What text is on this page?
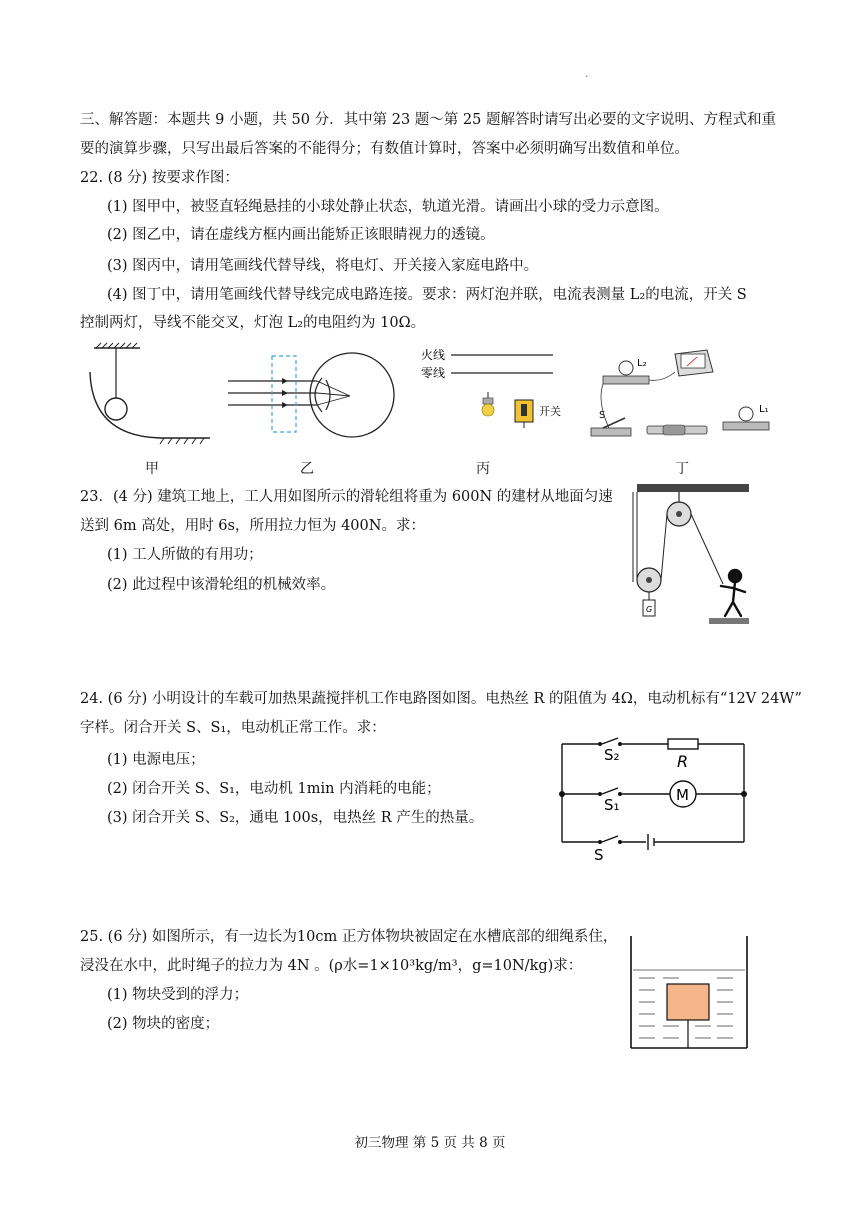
·
三、解答题：本题共 9 小题，共 50 分．其中第 23 题～第 25 题解答时请写出必要的文字说明、方程式和重
要的演算步骤，只写出最后答案的不能得分；有数值计算时，答案中必须明确写出数值和单位。
22. (8 分) 按要求作图：
(1) 图甲中，被竖直轻绳悬挂的小球处静止状态，轨道光滑。请画出小球的受力示意图。
(2) 图乙中，请在虚线方框内画出能矫正该眼睛视力的透镜。
(3) 图丙中，请用笔画线代替导线，将电灯、开关接入家庭电路中。
(4) 图丁中，请用笔画线代替导线完成电路连接。要求：两灯泡并联，电流表测量 L₂的电流，开关 S
控制两灯，导线不能交叉，灯泡 L₂的电阻约为 10Ω。
火线
零线
开关
L₂
L₁
S
甲	乙	丙	丁
23．(4 分) 建筑工地上，工人用如图所示的滑轮组将重为 600N 的建材从地面匀速
送到 6m 高处，用时 6s，所用拉力恒为 400N。求：
(1) 工人所做的有用功；
(2) 此过程中该滑轮组的机械效率。
G
24. (6 分) 小明设计的车载可加热果蔬搅拌机工作电路图如图。电热丝 R 的阻值为 4Ω，电动机标有“12V 24W”
字样。闭合开关 S、S₁，电动机正常工作。求：
(1) 电源电压；
(2) 闭合开关 S、S₁，电动机 1min 内消耗的电能；
(3) 闭合开关 S、S₂，通电 100s，电热丝 R 产生的热量。
S₂	R
S₁
M
S
25. (6 分) 如图所示，有一边长为10cm 正方体物块被固定在水槽底部的细绳系住，
浸没在水中，此时绳子的拉力为 4N 。(ρ水=1×10³kg/m³，g=10N/kg)求：
(1) 物块受到的浮力；
(2) 物块的密度；
初三物理 第 5 页 共 8 页
